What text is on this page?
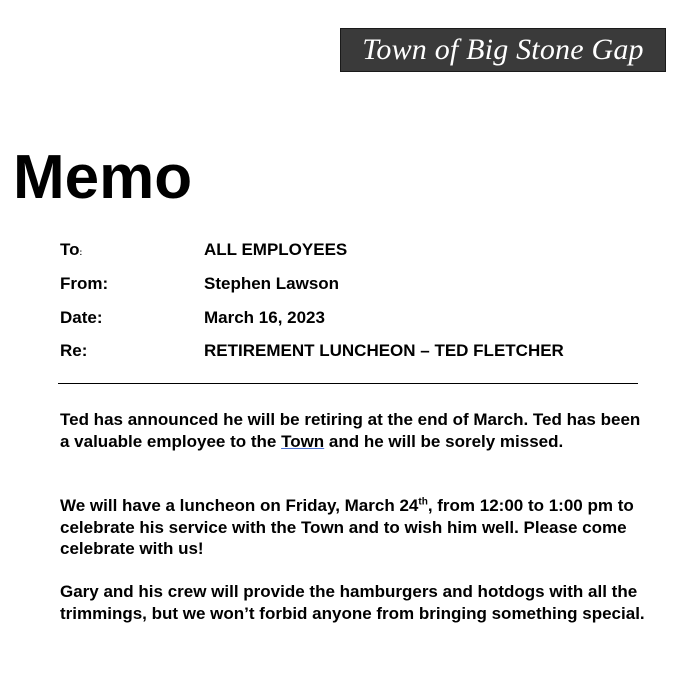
Town of Big Stone Gap
Memo
To:	ALL EMPLOYEES
From:	Stephen Lawson
Date:	March 16, 2023
Re:	RETIREMENT LUNCHEON – TED FLETCHER

Ted has announced he will be retiring at the end of March. Ted has been a valuable employee to the Town and he will be sorely missed.

We will have a luncheon on Friday, March 24th, from 12:00 to 1:00 pm to celebrate his service with the Town and to wish him well. Please come celebrate with us!

Gary and his crew will provide the hamburgers and hotdogs with all the trimmings, but we won’t forbid anyone from bringing something special.
